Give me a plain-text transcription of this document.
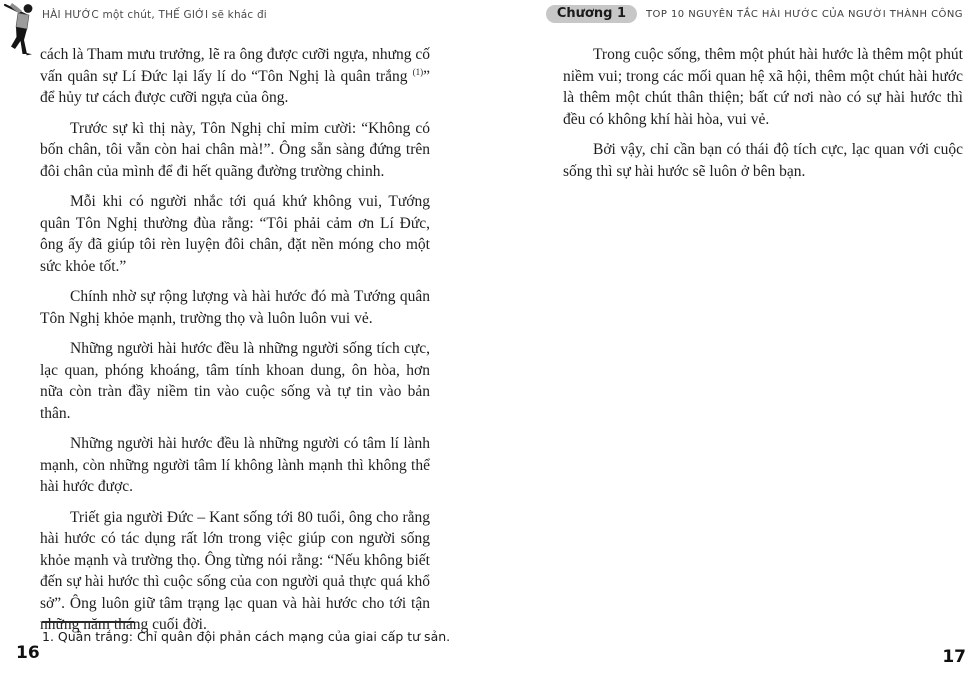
HÀI HƯỚC một chút, THẾ GIỚI sẽ khác đi	Chương 1	TOP 10 NGUYÊN TẮC HÀI HƯỚC CỦA NGƯỜI THÀNH CÔNG

cách là Tham mưu trưởng, lẽ ra ông được cưỡi ngựa, nhưng cố vấn quân sự Lí Đức lại lấy lí do “Tôn Nghị là quân trắng $^{(1)}$” để hủy tư cách được cưỡi ngựa của ông.

Trước sự kì thị này, Tôn Nghị chỉ mỉm cười: “Không có bốn chân, tôi vẫn còn hai chân mà!”. Ông sẵn sàng đứng trên đôi chân của mình để đi hết quãng đường trường chinh.

Mỗi khi có người nhắc tới quá khứ không vui, Tướng quân Tôn Nghị thường đùa rằng: “Tôi phải cảm ơn Lí Đức, ông ấy đã giúp tôi rèn luyện đôi chân, đặt nền móng cho một sức khỏe tốt.”

Chính nhờ sự rộng lượng và hài hước đó mà Tướng quân Tôn Nghị khỏe mạnh, trường thọ và luôn luôn vui vẻ.

Những người hài hước đều là những người sống tích cực, lạc quan, phóng khoáng, tâm tính khoan dung, ôn hòa, hơn nữa còn tràn đầy niềm tin vào cuộc sống và tự tin vào bản thân.

Những người hài hước đều là những người có tâm lí lành mạnh, còn những người tâm lí không lành mạnh thì không thể hài hước được.

Triết gia người Đức – Kant sống tới 80 tuổi, ông cho rằng hài hước có tác dụng rất lớn trong việc giúp con người sống khỏe mạnh và trường thọ. Ông từng nói rằng: “Nếu không biết đến sự hài hước thì cuộc sống của con người quả thực quá khổ sở”. Ông luôn giữ tâm trạng lạc quan và hài hước cho tới tận những năm tháng cuối đời.

Trong cuộc sống, thêm một phút hài hước là thêm một phút niềm vui; trong các mối quan hệ xã hội, thêm một chút hài hước là thêm một chút thân thiện; bất cứ nơi nào có sự hài hước thì đều có không khí hài hòa, vui vẻ.

Bởi vậy, chỉ cần bạn có thái độ tích cực, lạc quan với cuộc sống thì sự hài hước sẽ luôn ở bên bạn.

1. Quân trắng: Chỉ quân đội phản cách mạng của giai cấp tư sản.
16	17
